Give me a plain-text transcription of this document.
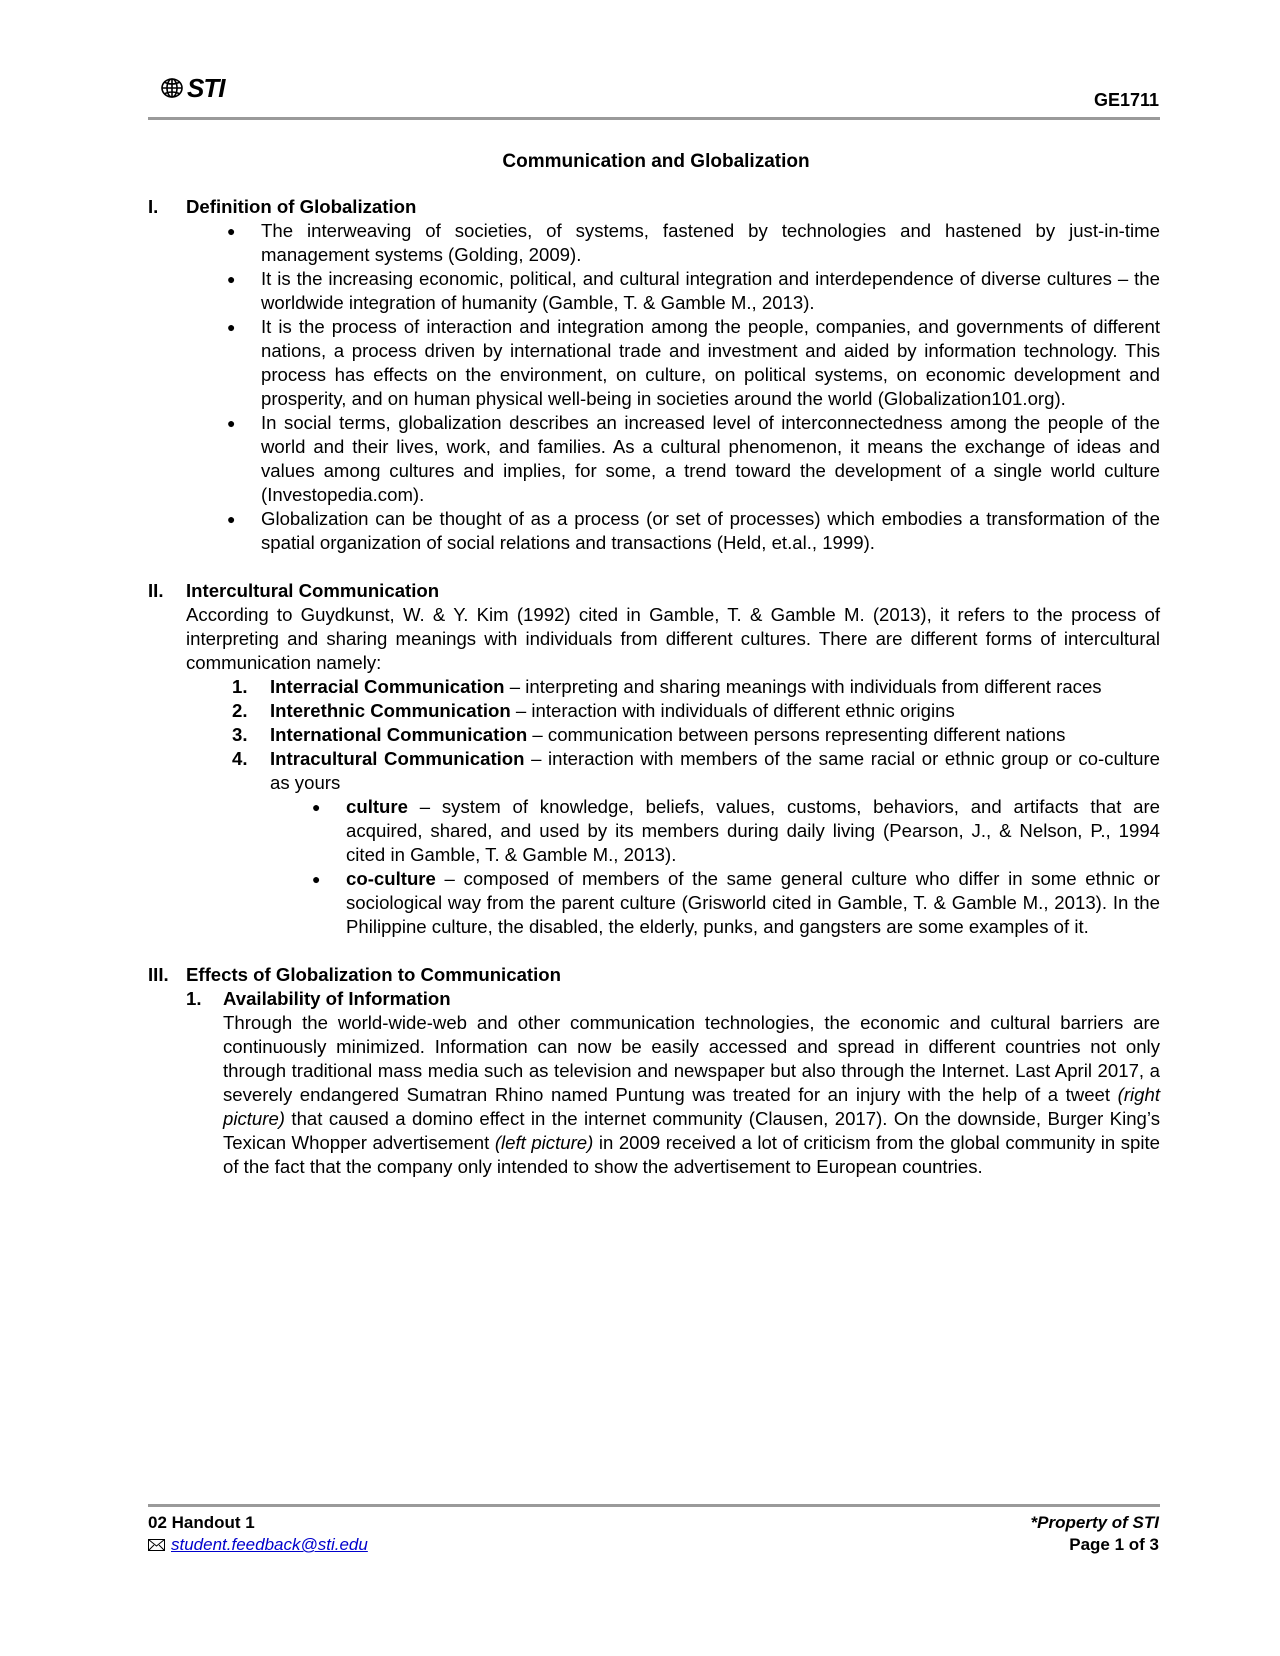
STI	GE1711
Communication and Globalization
I.	Definition of Globalization
● The interweaving of societies, of systems, fastened by technologies and hastened by just-in-time management systems (Golding, 2009).
● It is the increasing economic, political, and cultural integration and interdependence of diverse cultures – the worldwide integration of humanity (Gamble, T. & Gamble M., 2013).
● It is the process of interaction and integration among the people, companies, and governments of different nations, a process driven by international trade and investment and aided by information technology. This process has effects on the environment, on culture, on political systems, on economic development and prosperity, and on human physical well-being in societies around the world (Globalization101.org).
● In social terms, globalization describes an increased level of interconnectedness among the people of the world and their lives, work, and families. As a cultural phenomenon, it means the exchange of ideas and values among cultures and implies, for some, a trend toward the development of a single world culture (Investopedia.com).
● Globalization can be thought of as a process (or set of processes) which embodies a transformation of the spatial organization of social relations and transactions (Held, et.al., 1999).
II.	Intercultural Communication
According to Guydkunst, W. & Y. Kim (1992) cited in Gamble, T. & Gamble M. (2013), it refers to the process of interpreting and sharing meanings with individuals from different cultures. There are different forms of intercultural communication namely:
1. Interracial Communication – interpreting and sharing meanings with individuals from different races
2. Interethnic Communication – interaction with individuals of different ethnic origins
3. International Communication – communication between persons representing different nations
4. Intracultural Communication – interaction with members of the same racial or ethnic group or co-culture as yours
● culture – system of knowledge, beliefs, values, customs, behaviors, and artifacts that are acquired, shared, and used by its members during daily living (Pearson, J., & Nelson, P., 1994 cited in Gamble, T. & Gamble M., 2013).
● co-culture – composed of members of the same general culture who differ in some ethnic or sociological way from the parent culture (Grisworld cited in Gamble, T. & Gamble M., 2013). In the Philippine culture, the disabled, the elderly, punks, and gangsters are some examples of it.
III. Effects of Globalization to Communication
1.	Availability of Information
Through the world-wide-web and other communication technologies, the economic and cultural barriers are continuously minimized. Information can now be easily accessed and spread in different countries not only through traditional mass media such as television and newspaper but also through the Internet. Last April 2017, a severely endangered Sumatran Rhino named Puntung was treated for an injury with the help of a tweet (right picture) that caused a domino effect in the internet community (Clausen, 2017). On the downside, Burger King’s Texican Whopper advertisement (left picture) in 2009 received a lot of criticism from the global community in spite of the fact that the company only intended to show the advertisement to European countries.
02 Handout 1
student.feedback@sti.edu
*Property of STI
Page 1 of 3
